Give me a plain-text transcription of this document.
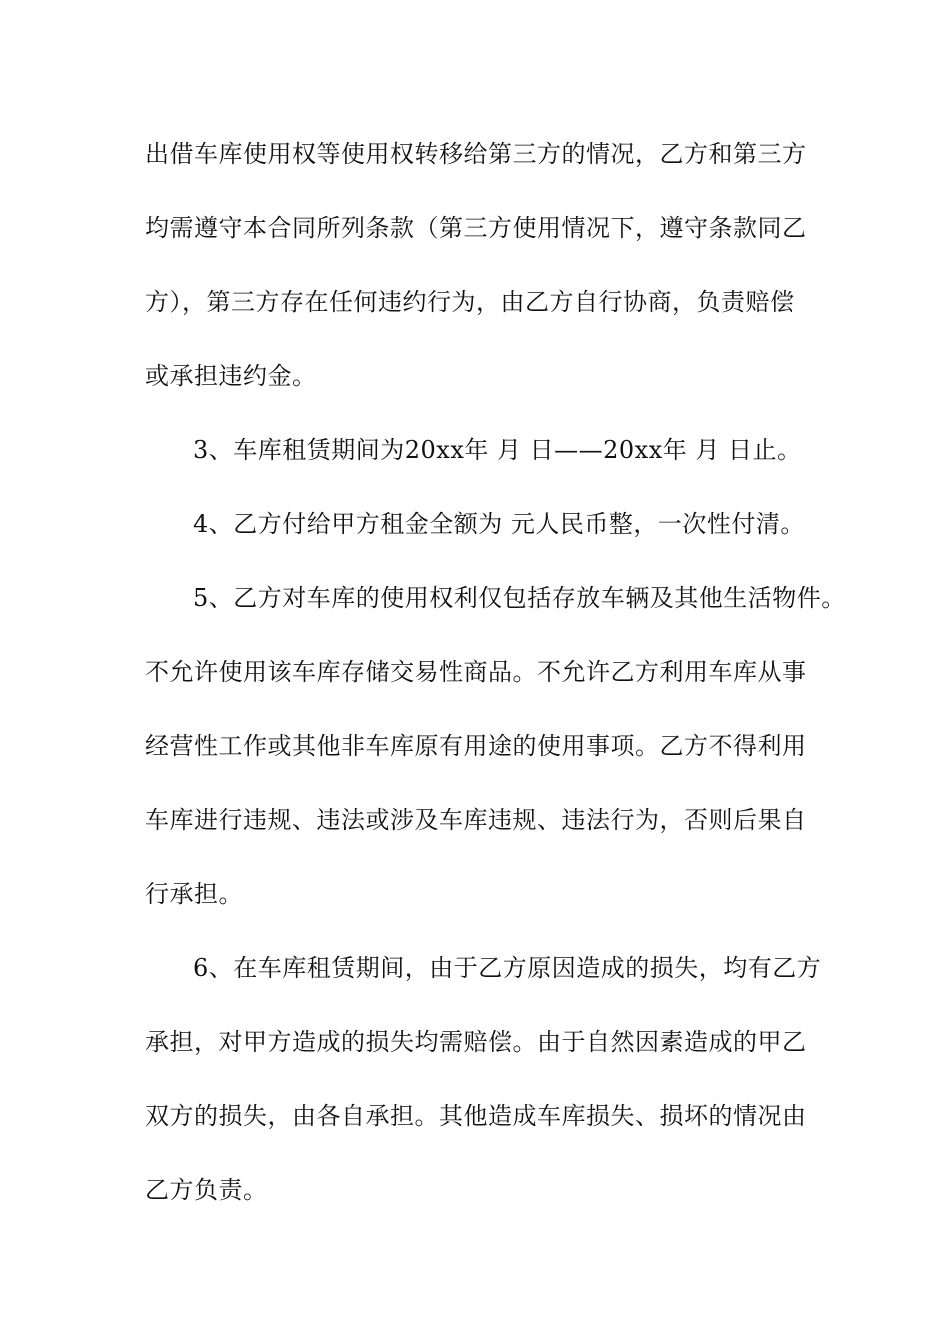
出借车库使用权等使用权转移给第三方的情况，乙方和第三方
均需遵守本合同所列条款（第三方使用情况下，遵守条款同乙
方），第三方存在任何违约行为，由乙方自行协商，负责赔偿
或承担违约金。
3、车库租赁期间为20xx年 月 日——20xx年 月 日止。
4、乙方付给甲方租金全额为 元人民币整，一次性付清。
5、乙方对车库的使用权利仅包括存放车辆及其他生活物件。
不允许使用该车库存储交易性商品。不允许乙方利用车库从事
经营性工作或其他非车库原有用途的使用事项。乙方不得利用
车库进行违规、违法或涉及车库违规、违法行为，否则后果自
行承担。
6、在车库租赁期间，由于乙方原因造成的损失，均有乙方
承担，对甲方造成的损失均需赔偿。由于自然因素造成的甲乙
双方的损失，由各自承担。其他造成车库损失、损坏的情况由
乙方负责。
